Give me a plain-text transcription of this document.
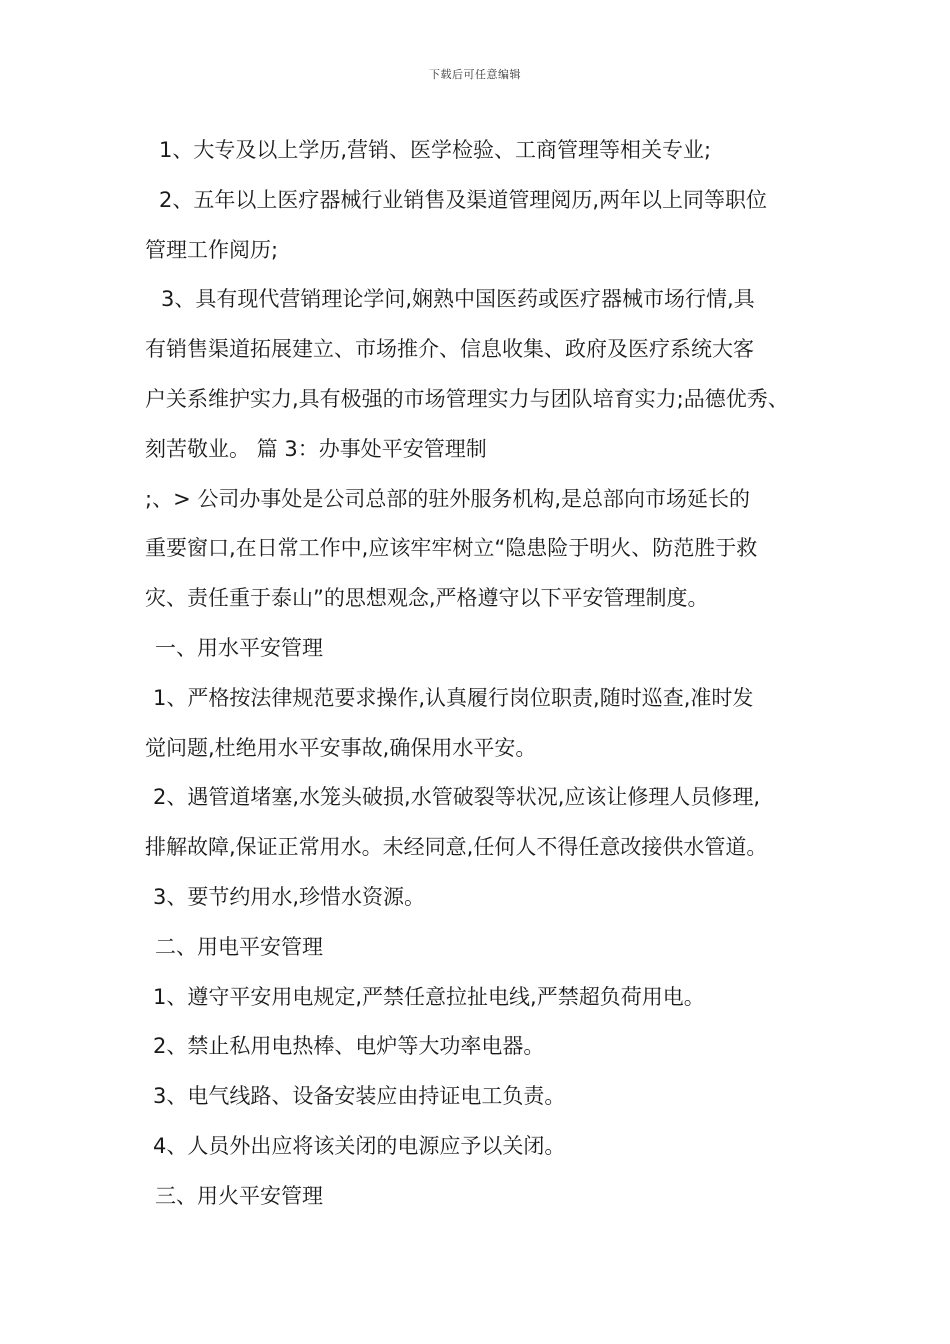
下载后可任意编辑
1、大专及以上学历,营销、医学检验、工商管理等相关专业;
2、五年以上医疗器械行业销售及渠道管理阅历,两年以上同等职位
管理工作阅历;
3、具有现代营销理论学问,娴熟中国医药或医疗器械市场行情,具
有销售渠道拓展建立、市场推介、信息收集、政府及医疗系统大客
户关系维护实力,具有极强的市场管理实力与团队培育实力;品德优秀、
刻苦敬业。 篇 3：办事处平安管理制
;、> 公司办事处是公司总部的驻外服务机构,是总部向市场延长的
重要窗口,在日常工作中,应该牢牢树立“隐患险于明火、防范胜于救
灾、责任重于泰山”的思想观念,严格遵守以下平安管理制度。
一、用水平安管理
1、严格按法律规范要求操作,认真履行岗位职责,随时巡查,准时发
觉问题,杜绝用水平安事故,确保用水平安。
2、遇管道堵塞,水笼头破损,水管破裂等状况,应该让修理人员修理,
排解故障,保证正常用水。未经同意,任何人不得任意改接供水管道。
3、要节约用水,珍惜水资源。
二、用电平安管理
1、遵守平安用电规定,严禁任意拉扯电线,严禁超负荷用电。
2、禁止私用电热棒、电炉等大功率电器。
3、电气线路、设备安装应由持证电工负责。
4、人员外出应将该关闭的电源应予以关闭。
三、用火平安管理
